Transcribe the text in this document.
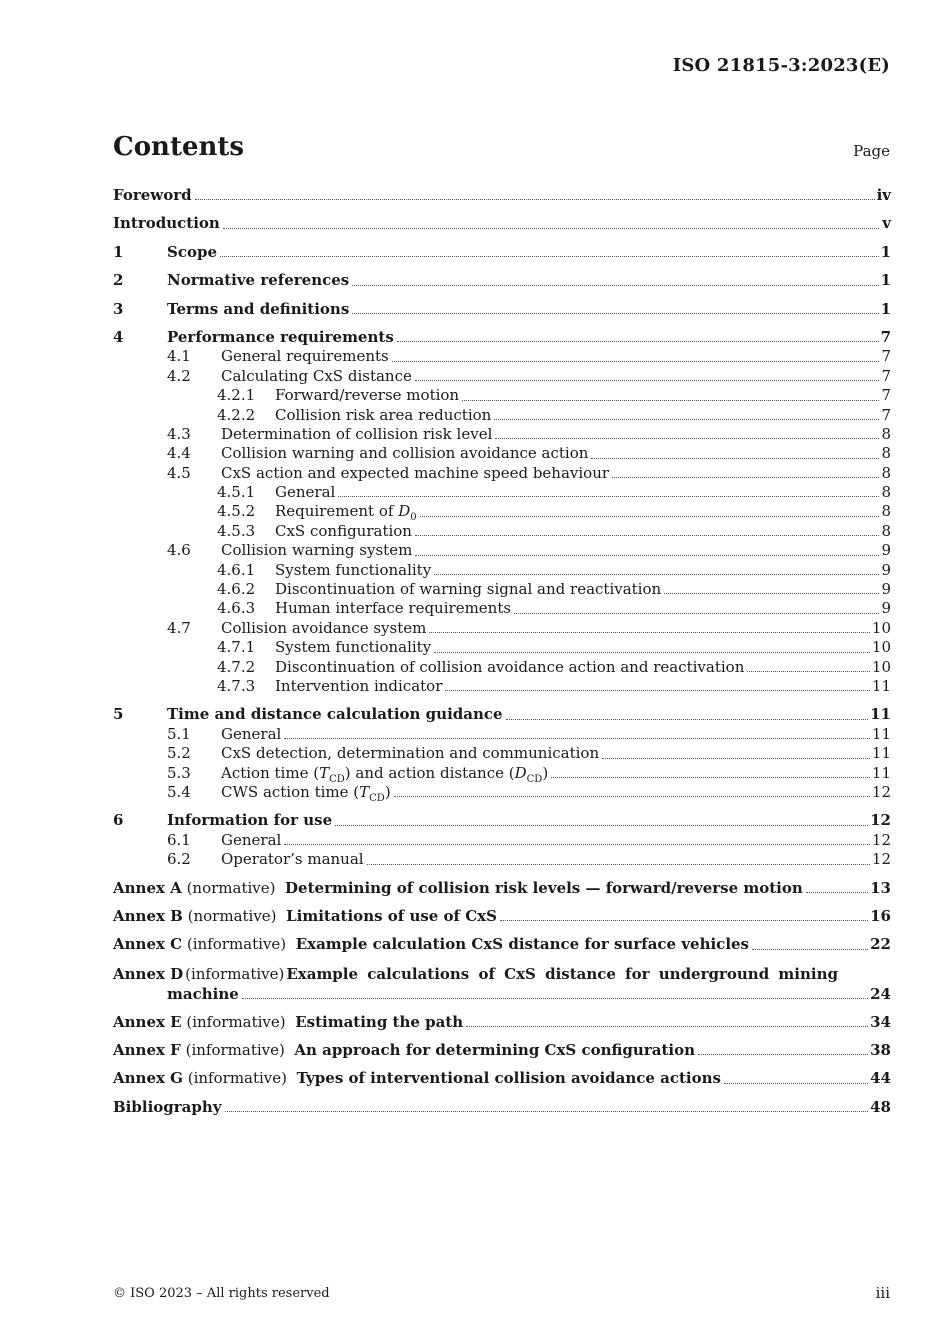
ISO 21815-3:2023(E)
Contents	Page
Foreword	iv
Introduction	v
1	Scope	1
2	Normative references	1
3	Terms and definitions	1
4	Performance requirements	7
4.1	General requirements	7
4.2	Calculating CxS distance	7
4.2.1	Forward/reverse motion	7
4.2.2	Collision risk area reduction	7
4.3	Determination of collision risk level	8
4.4	Collision warning and collision avoidance action	8
4.5	CxS action and expected machine speed behaviour	8
4.5.1	General	8
4.5.2	Requirement of $D_0$	8
4.5.3	CxS configuration	8
4.6	Collision warning system	9
4.6.1	System functionality	9
4.6.2	Discontinuation of warning signal and reactivation	9
4.6.3	Human interface requirements	9
4.7	Collision avoidance system	10
4.7.1	System functionality	10
4.7.2	Discontinuation of collision avoidance action and reactivation	10
4.7.3	Intervention indicator	11
5	Time and distance calculation guidance	11
5.1	General	11
5.2	CxS detection, determination and communication	11
5.3	Action time $(T_{CD})$ and action distance $(D_{CD})$	11
5.4	CWS action time $(T_{CD})$	12
6	Information for use	12
6.1	General	12
6.2	Operator’s manual	12
Annex A (normative) Determining of collision risk levels — forward/reverse motion	13
Annex B (normative) Limitations of use of CxS	16
Annex C (informative) Example calculation CxS distance for surface vehicles	22
Annex D (informative) Example calculations of CxS distance for underground mining
machine	24
Annex E (informative) Estimating the path	34
Annex F (informative) An approach for determining CxS configuration	38
Annex G (informative) Types of interventional collision avoidance actions	44
Bibliography	48
© ISO 2023 – All rights reserved	iii
